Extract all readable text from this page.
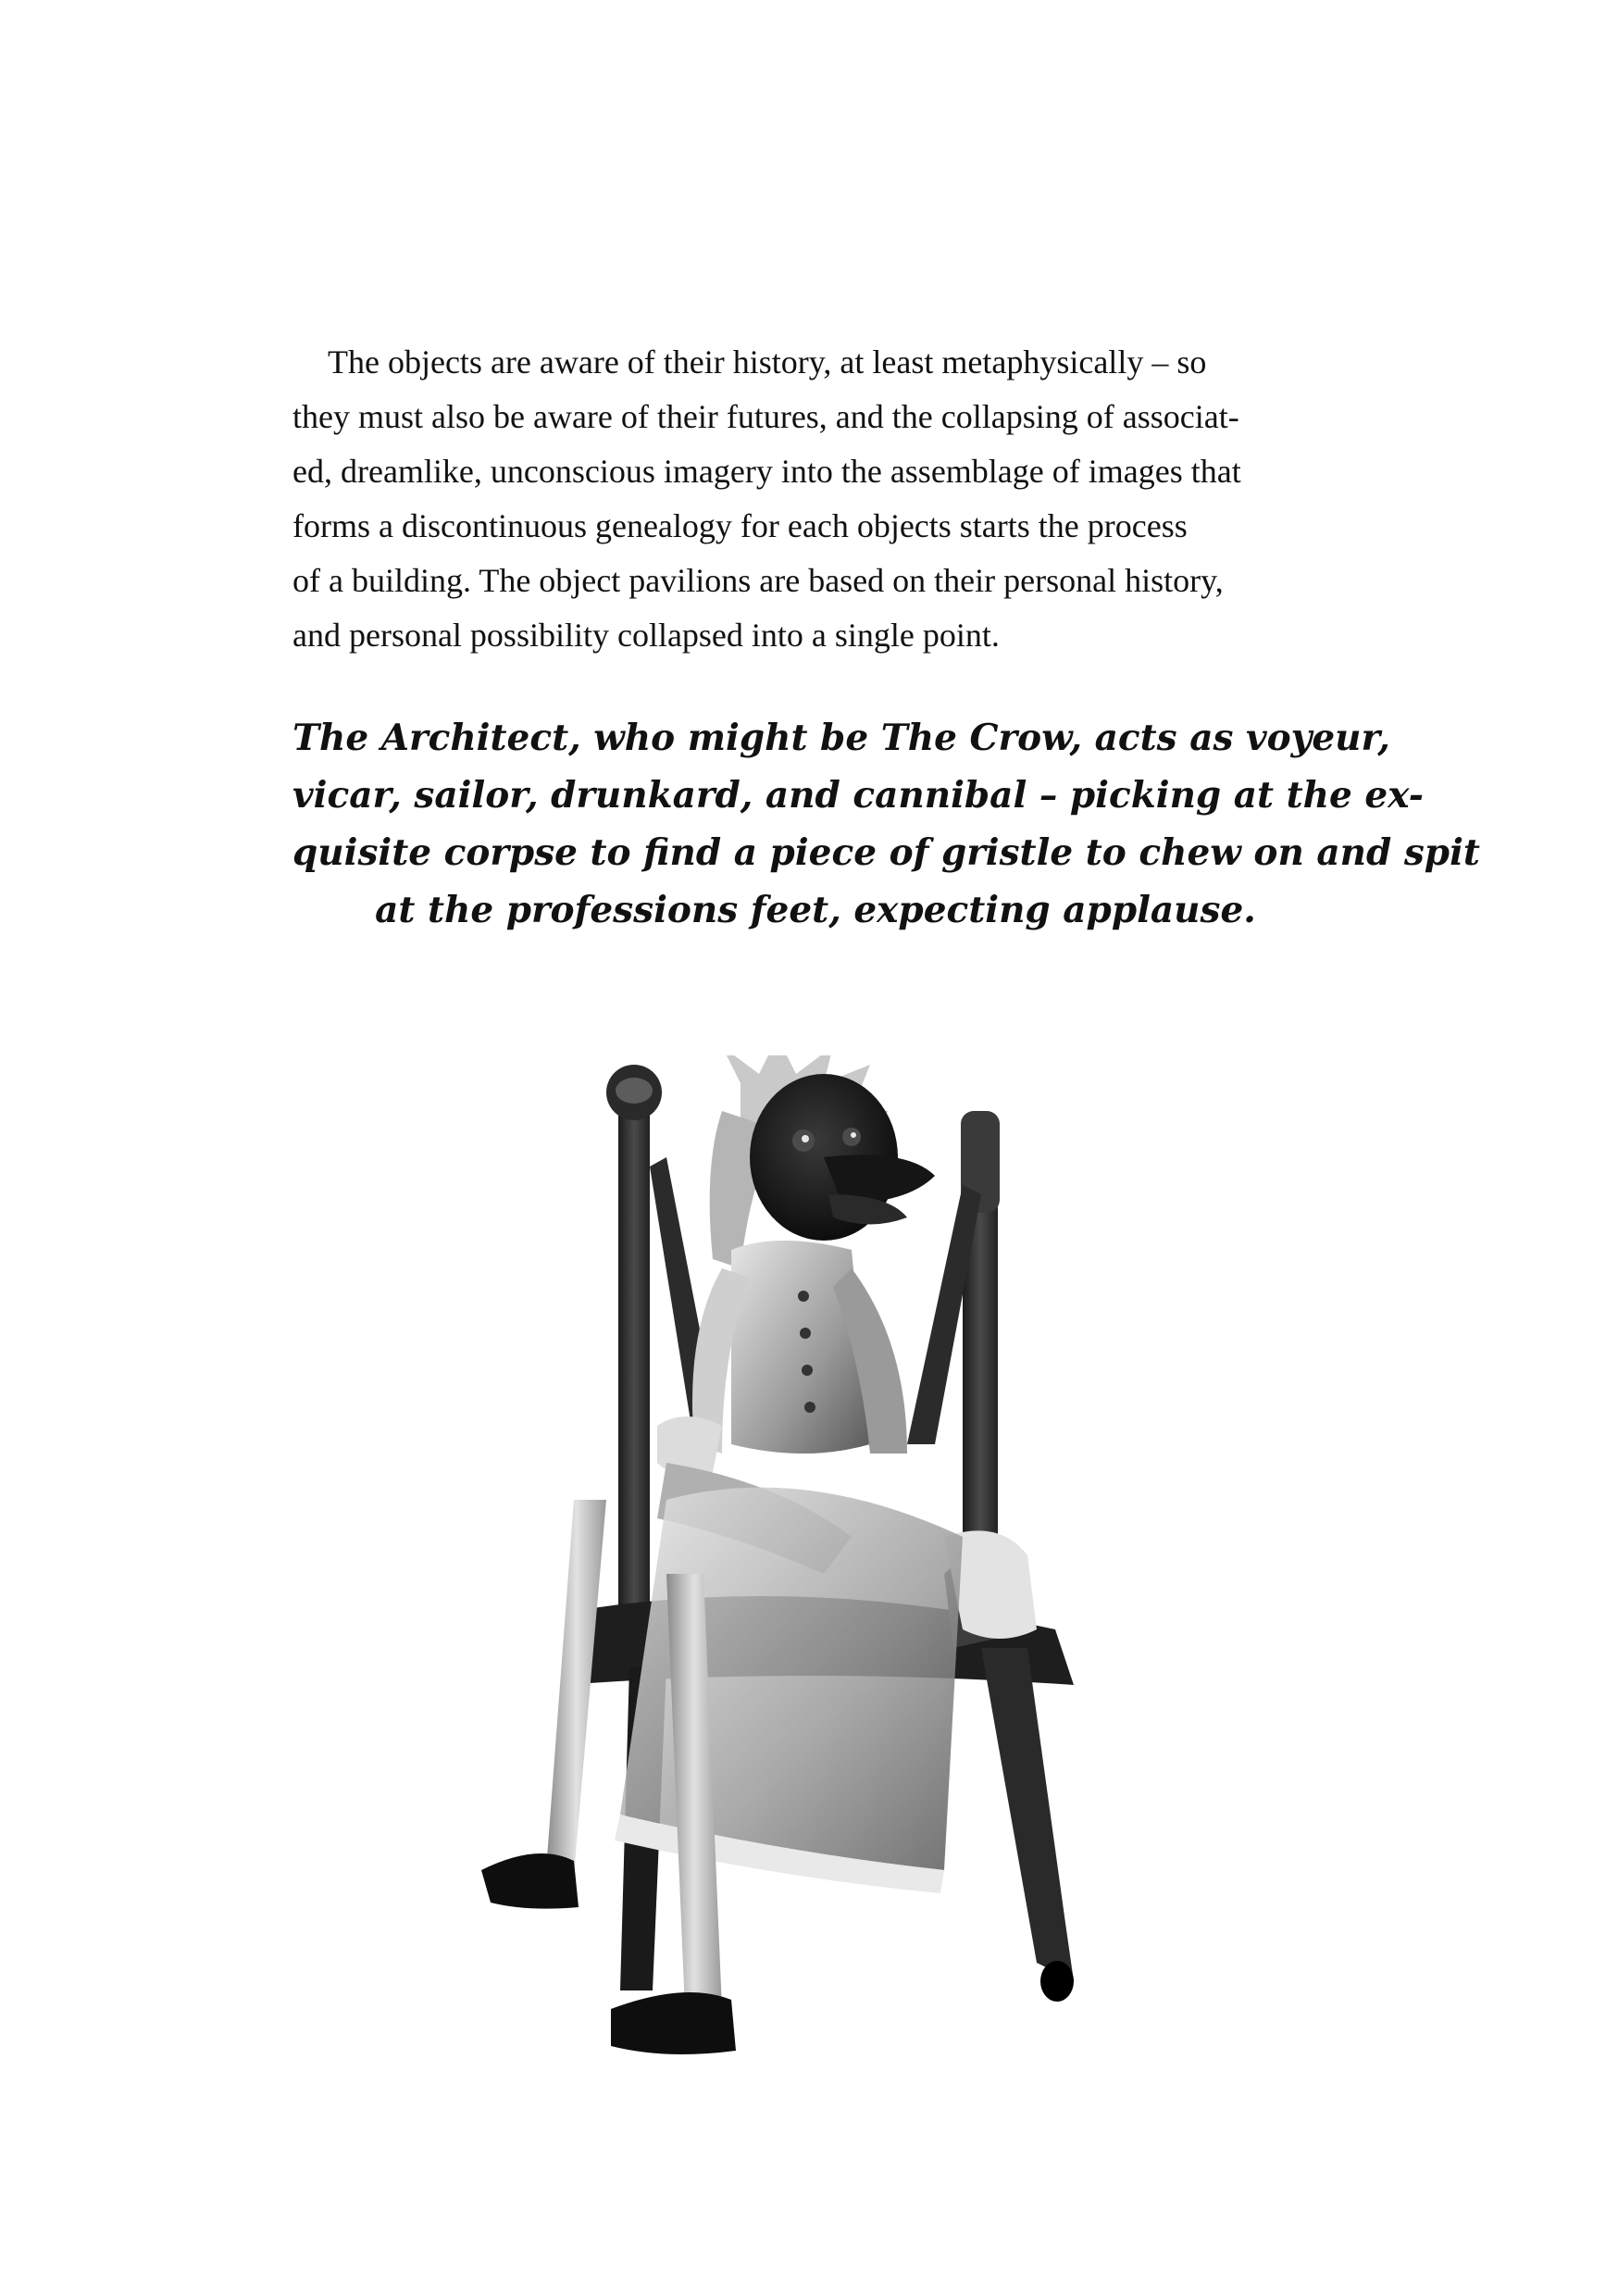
The objects are aware of their history, at least metaphysically – so
they must also be aware of their futures, and the collapsing of associat-
ed, dreamlike, unconscious imagery into the assemblage of images that
forms a discontinuous genealogy for each objects starts the process
of a building. The object pavilions are based on their personal history,
and personal possibility collapsed into a single point.

The Architect, who might be The Crow, acts as voyeur,
vicar, sailor, drunkard, and cannibal – picking at the ex-
quisite corpse to find a piece of gristle to chew on and spit
at the professions feet, expecting applause.
